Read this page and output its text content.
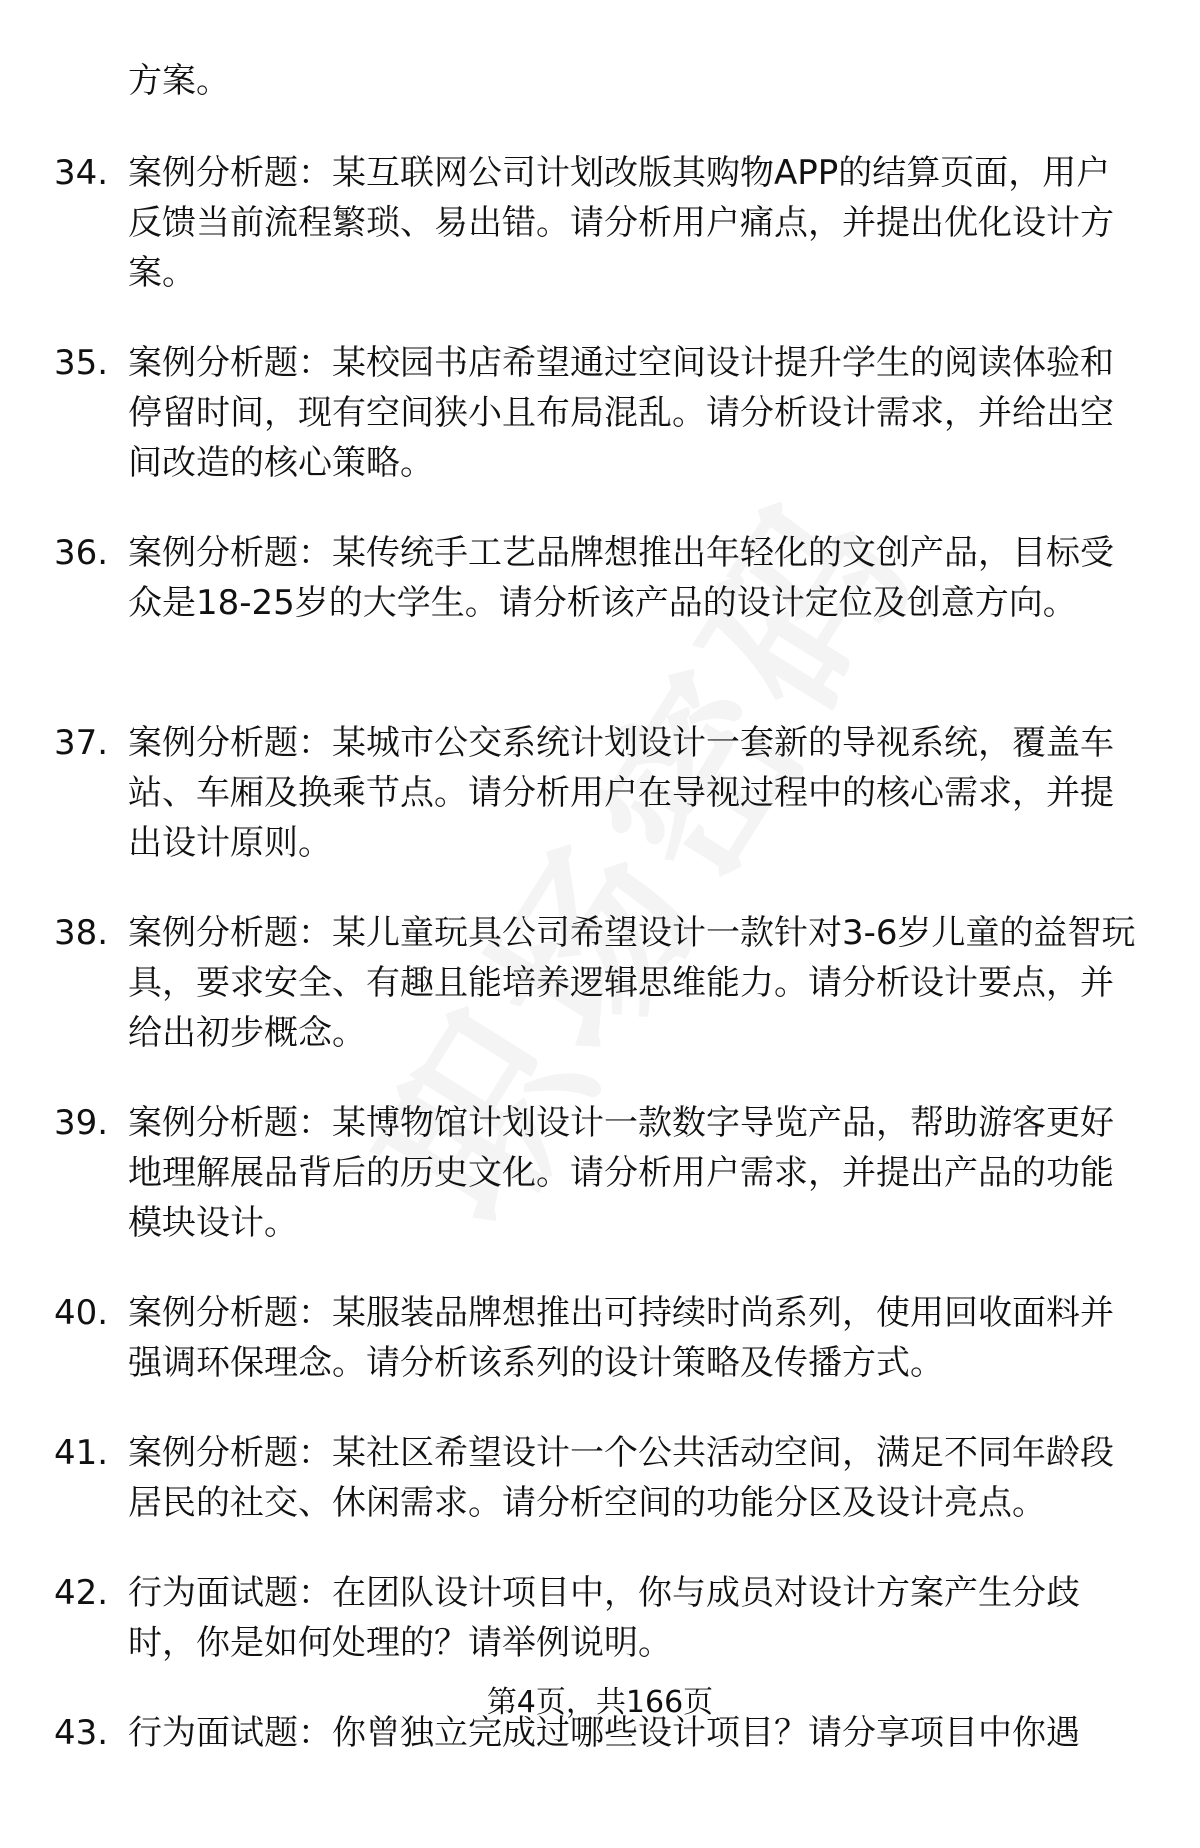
方案。
34. 案例分析题：某互联网公司计划改版其购物APP的结算页面，用户反馈当前流程繁琐、易出错。请分析用户痛点，并提出优化设计方案。
35. 案例分析题：某校园书店希望通过空间设计提升学生的阅读体验和停留时间，现有空间狭小且布局混乱。请分析设计需求，并给出空间改造的核心策略。
36. 案例分析题：某传统手工艺品牌想推出年轻化的文创产品，目标受众是18-25岁的大学生。请分析该产品的设计定位及创意方向。
37. 案例分析题：某城市公交系统计划设计一套新的导视系统，覆盖车站、车厢及换乘节点。请分析用户在导视过程中的核心需求，并提出设计原则。
38. 案例分析题：某儿童玩具公司希望设计一款针对3-6岁儿童的益智玩具，要求安全、有趣且能培养逻辑思维能力。请分析设计要点，并给出初步概念。
39. 案例分析题：某博物馆计划设计一款数字导览产品，帮助游客更好地理解展品背后的历史文化。请分析用户需求，并提出产品的功能模块设计。
40. 案例分析题：某服装品牌想推出可持续时尚系列，使用回收面料并强调环保理念。请分析该系列的设计策略及传播方式。
41. 案例分析题：某社区希望设计一个公共活动空间，满足不同年龄段居民的社交、休闲需求。请分析空间的功能分区及设计亮点。
42. 行为面试题：在团队设计项目中，你与成员对设计方案产生分歧时，你是如何处理的？请举例说明。
43. 行为面试题：你曾独立完成过哪些设计项目？请分享项目中你遇
第4页，共166页
